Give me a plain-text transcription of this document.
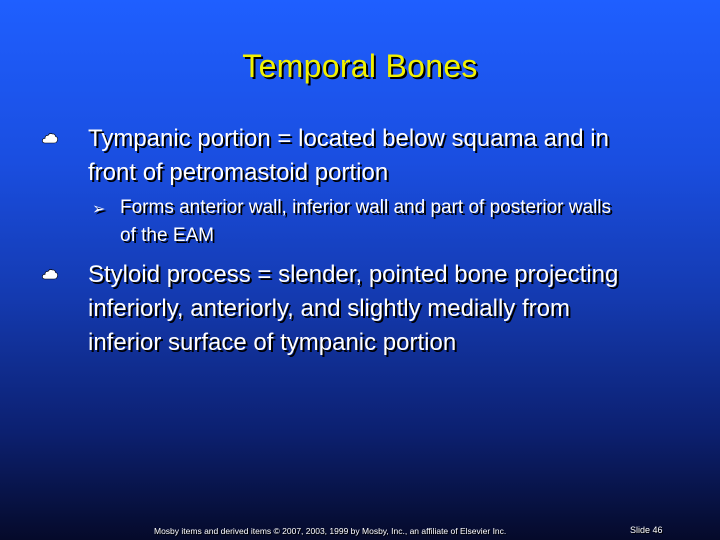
Temporal Bones
Tympanic portion = located below squama and in front of petromastoid portion
➢ Forms anterior wall, inferior wall and part of posterior walls of the EAM
Styloid process = slender, pointed bone projecting inferiorly, anteriorly, and slightly medially from inferior surface of tympanic portion
Mosby items and derived items © 2007, 2003, 1999 by Mosby, Inc., an affiliate of Elsevier Inc.	Slide 46
